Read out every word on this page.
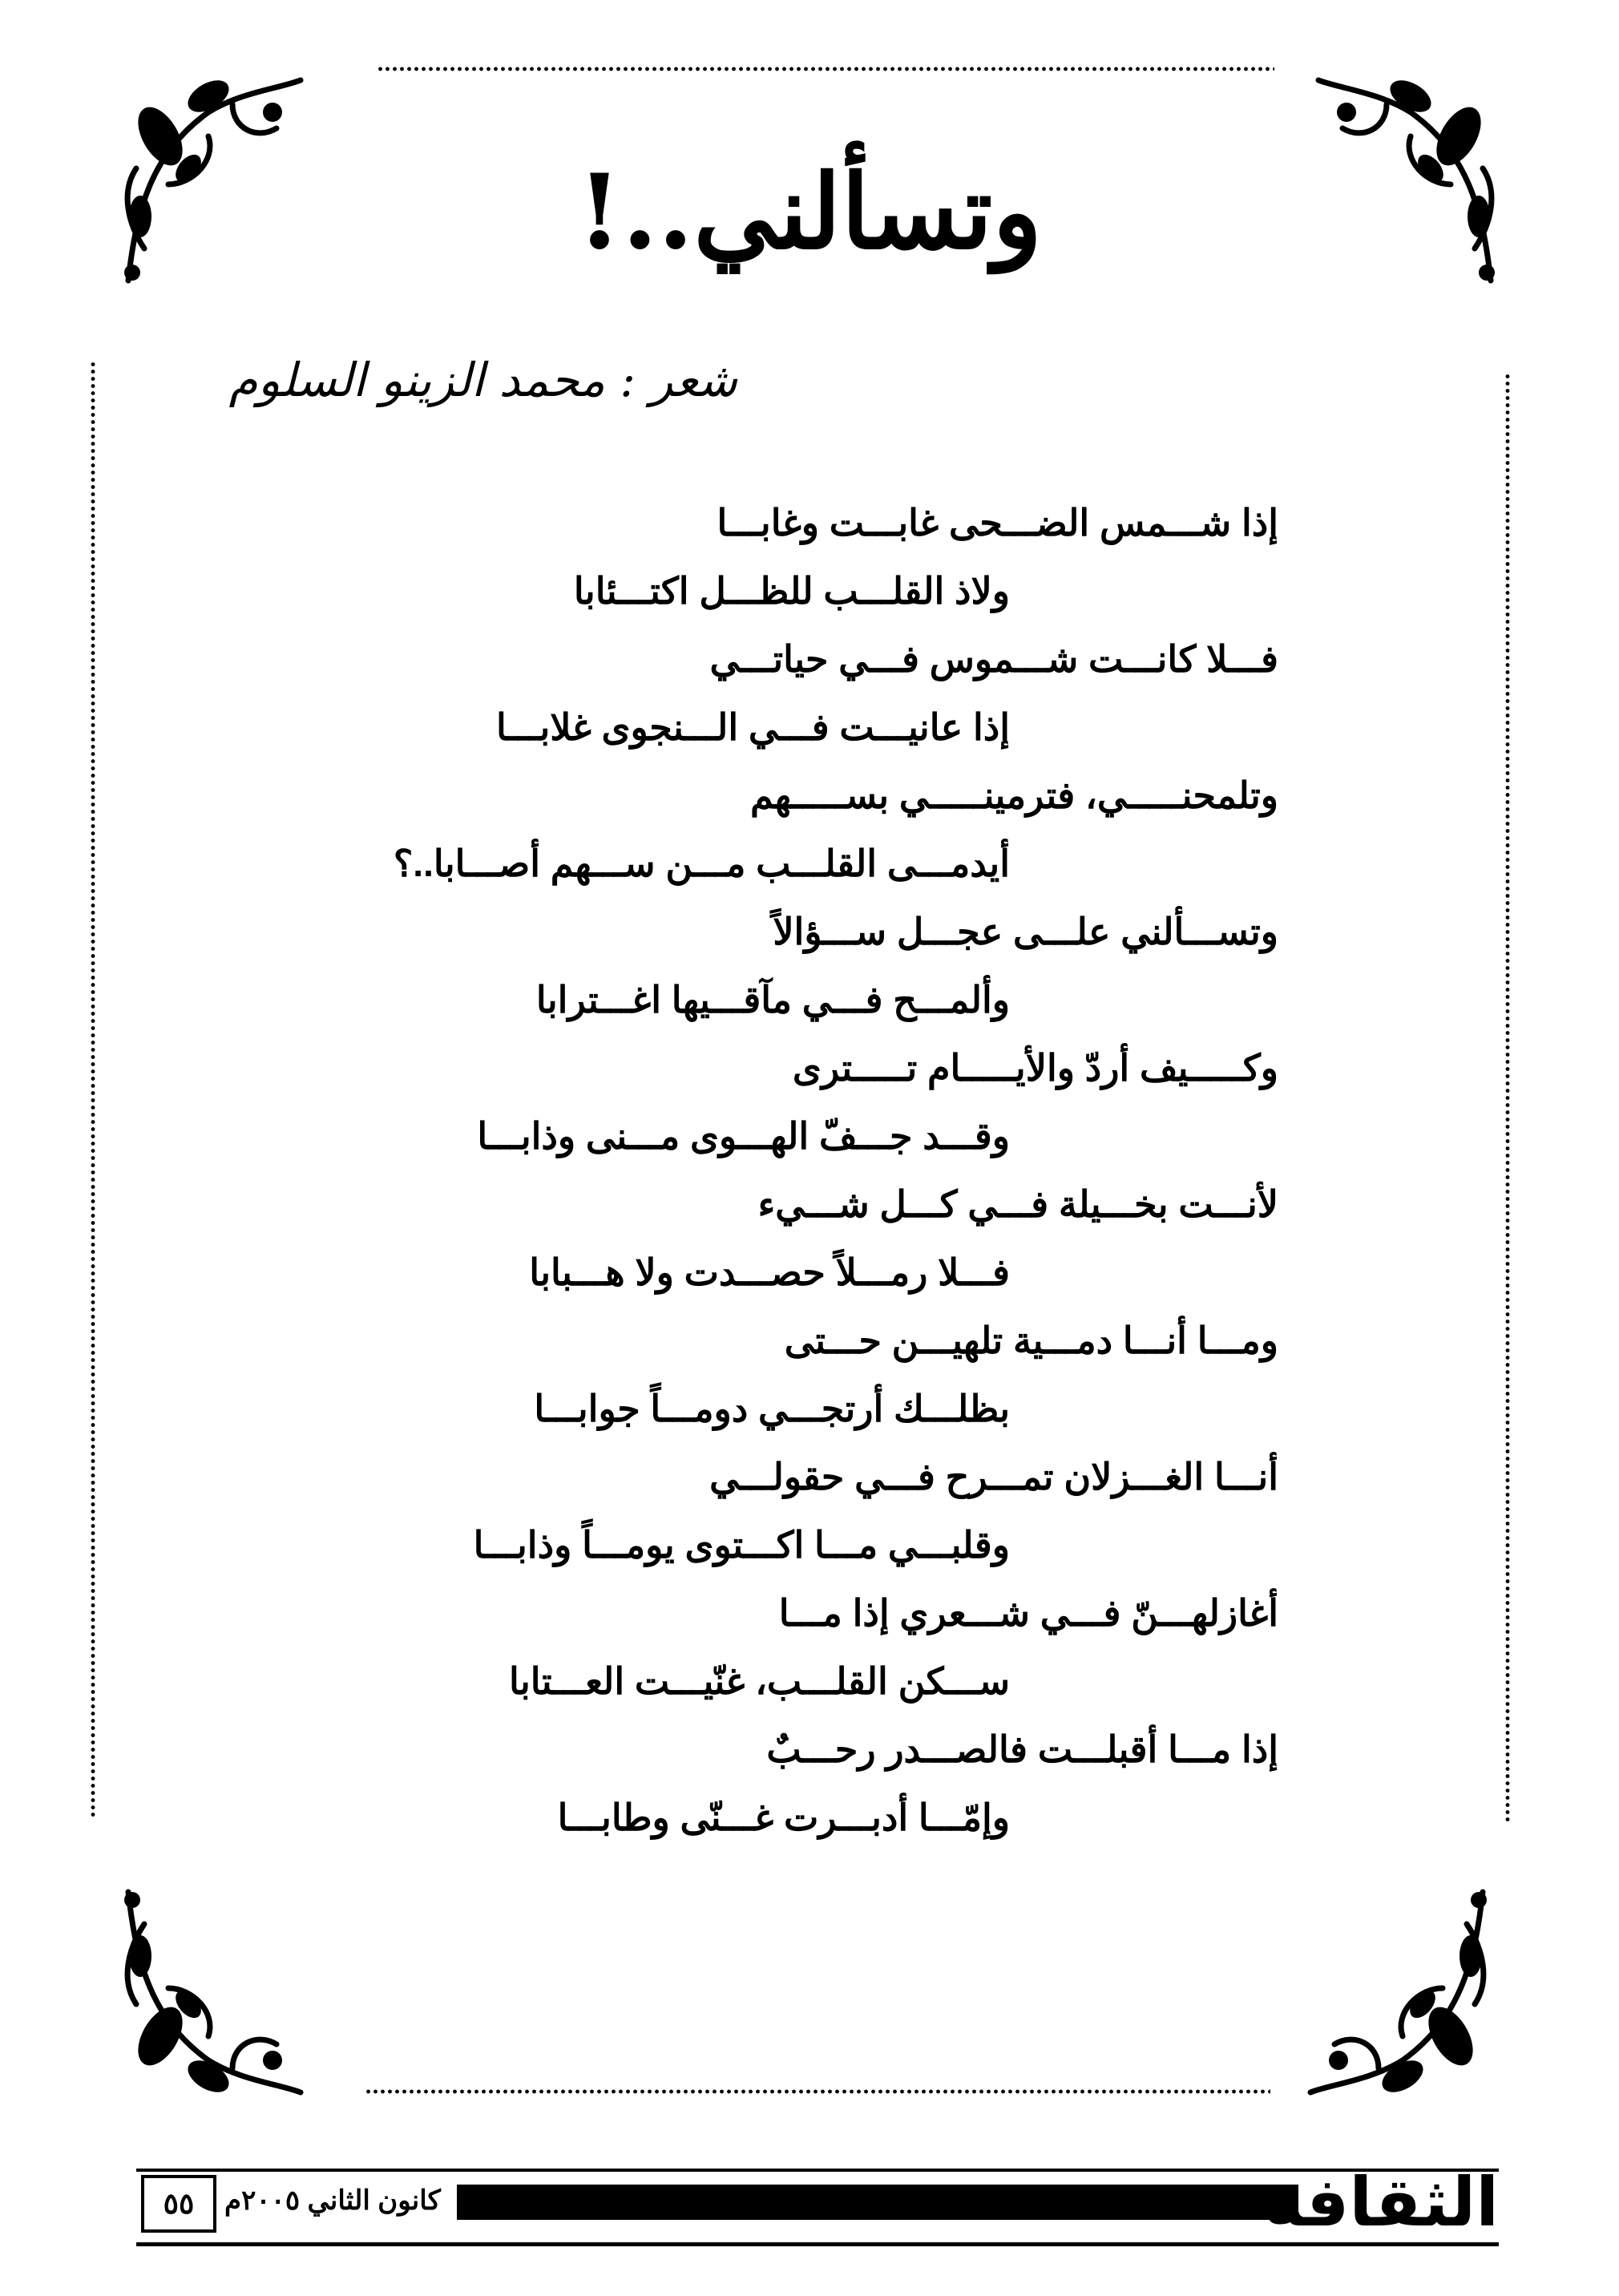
وتسألني..!
شعر : محمد الزينو السلوم
إذا شـــمس الضـــحى غابـــت وغابـــا
ولاذ القلـــب للظـــل اكتـــئابا
فـــلا كانـــت شـــموس فـــي حياتـــي
إذا عانيـــت فـــي الـــنجوى غلابـــا
وتلمحنـــــي، فترمينـــــي بســـــهم
أيدمـــى القلـــب مـــن ســـهم أصـــابا..؟
وتســـألني علـــى عجـــل ســـؤالاً
وألمـــح فـــي مآقـــيها اغـــترابا
وكـــــيف أردّ والأيـــــام تـــــترى
وقـــد جـــفّ الهـــوى مـــنى وذابـــا
لأنـــت بخـــيلة فـــي كـــل شـــيء
فـــلا رمـــلاً حصـــدت ولا هـــبابا
ومـــا أنـــا دمـــية تلهيـــن حـــتى
بظلـــك أرتجـــي دومـــاً جوابـــا
أنـــا الغـــزلان تمـــرح فـــي حقولـــي
وقلبـــي مـــا اكـــتوى يومـــاً وذابـــا
أغازلهـــنّ فـــي شـــعري إذا مـــا
ســـكن القلـــب، غنّيـــت العـــتابا
إذا مـــا أقبلـــت فالصـــدر رحـــبٌ
وإمّـــا أدبـــرت غـــنّى وطابـــا
الثقافة
كانون الثاني ٢٠٠٥م
٥٥
